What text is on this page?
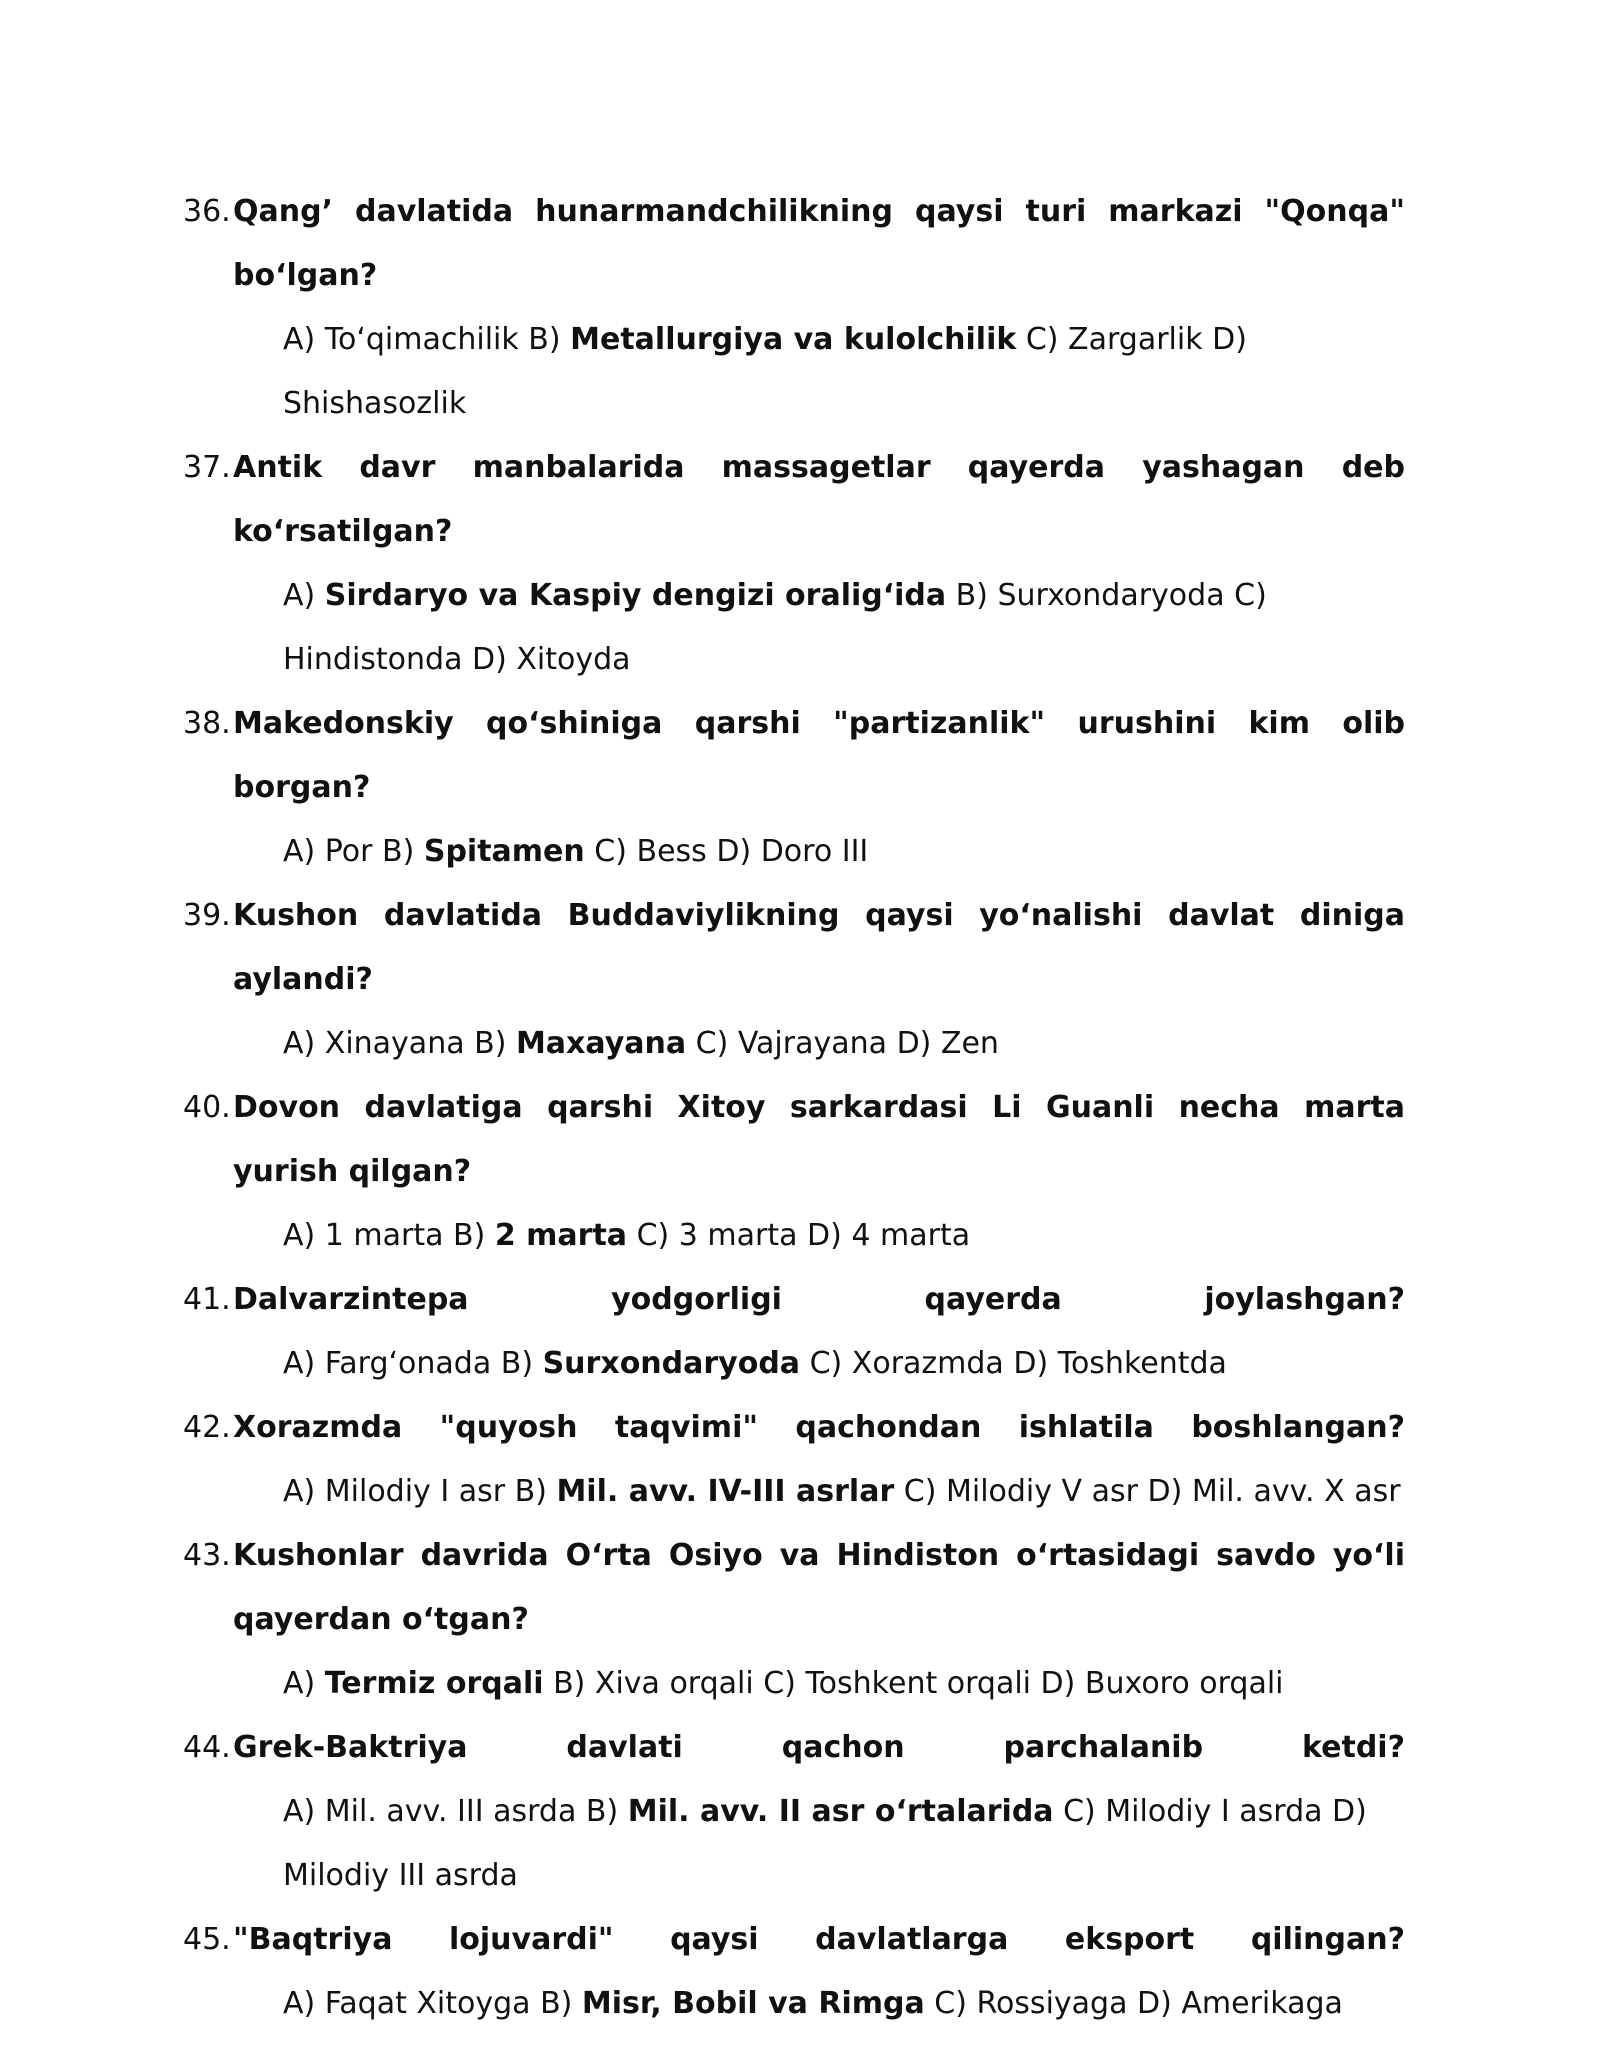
36. Qang’ davlatida hunarmandchilikning qaysi turi markazi "Qonqa" bo‘lgan?
A) To‘qimachilik B) Metallurgiya va kulolchilik C) Zargarlik D) Shishasozlik
37. Antik davr manbalarida massagetlar qayerda yashagan deb ko‘rsatilgan?
A) Sirdaryo va Kaspiy dengizi oralig‘ida B) Surxondaryoda C) Hindistonda D) Xitoyda
38. Makedonskiy qo‘shiniga qarshi "partizanlik" urushini kim olib borgan?
A) Por B) Spitamen C) Bess D) Doro III
39. Kushon davlatida Buddaviylikning qaysi yo‘nalishi davlat diniga aylandi?
A) Xinayana B) Maxayana C) Vajrayana D) Zen
40. Dovon davlatiga qarshi Xitoy sarkardasi Li Guanli necha marta yurish qilgan?
A) 1 marta B) 2 marta C) 3 marta D) 4 marta
41. Dalvarzintepa yodgorligi qayerda joylashgan?
A) Farg‘onada B) Surxondaryoda C) Xorazmda D) Toshkentda
42. Xorazmda "quyosh taqvimi" qachondan ishlatila boshlangan?
A) Milodiy I asr B) Mil. avv. IV-III asrlar C) Milodiy V asr D) Mil. avv. X asr
43. Kushonlar davrida O‘rta Osiyo va Hindiston o‘rtasidagi savdo yo‘li qayerdan o‘tgan?
A) Termiz orqali B) Xiva orqali C) Toshkent orqali D) Buxoro orqali
44. Grek-Baktriya davlati qachon parchalanib ketdi?
A) Mil. avv. III asrda B) Mil. avv. II asr o‘rtalarida C) Milodiy I asrda D) Milodiy III asrda
45. "Baqtriya lojuvardi" qaysi davlatlarga eksport qilingan?
A) Faqat Xitoyga B) Misr, Bobil va Rimga C) Rossiyaga D) Amerikaga
